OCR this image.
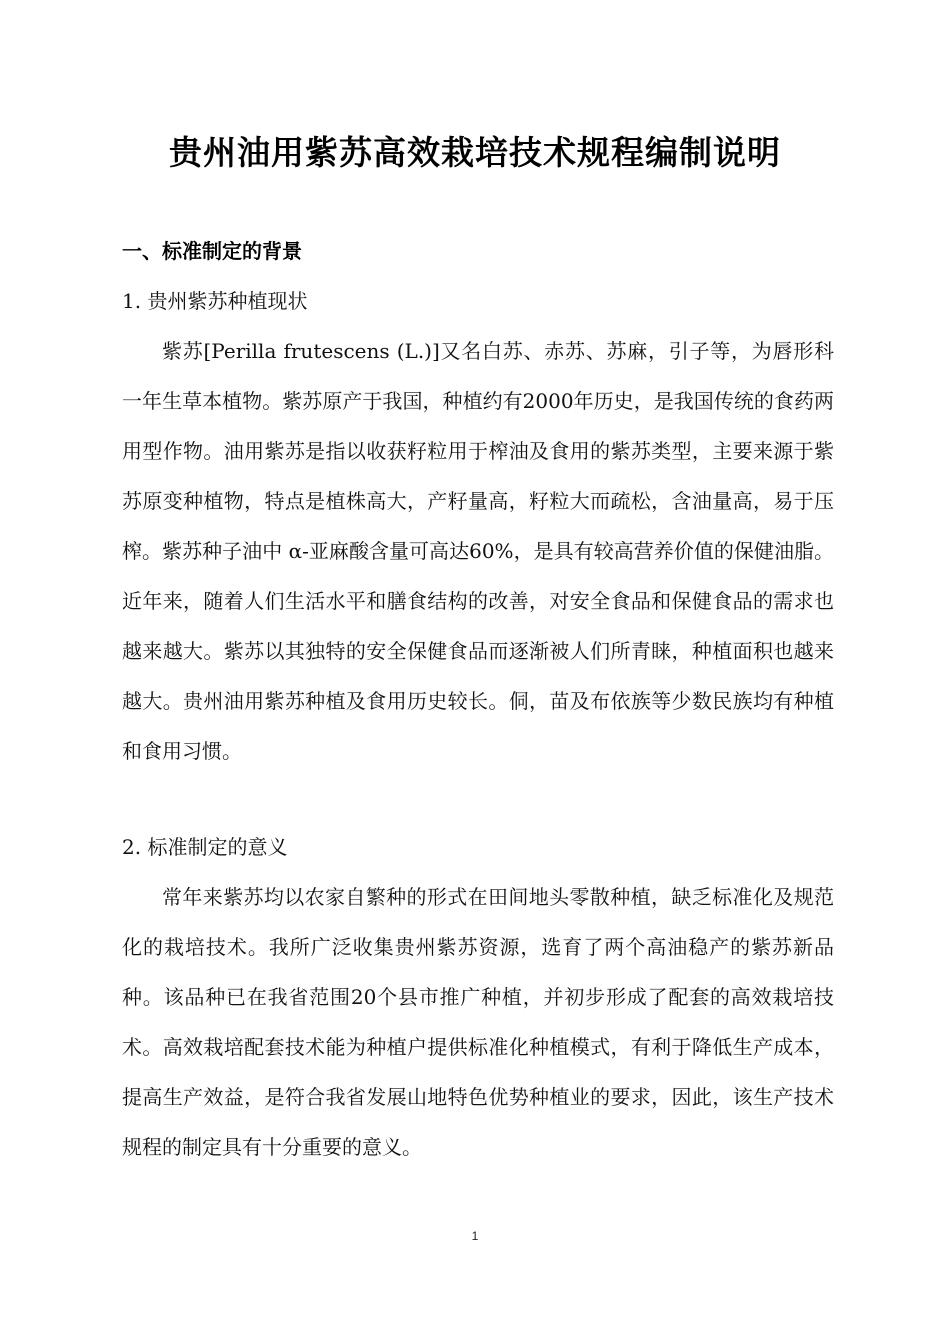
贵州油用紫苏高效栽培技术规程编制说明
一、标准制定的背景
1. 贵州紫苏种植现状

紫苏[Perilla frutescens (L.)]又名白苏、赤苏、苏麻，引子等，为唇形科一年生草本植物。紫苏原产于我国，种植约有2000年历史，是我国传统的食药两用型作物。油用紫苏是指以收获籽粒用于榨油及食用的紫苏类型，主要来源于紫苏原变种植物，特点是植株高大，产籽量高，籽粒大而疏松，含油量高，易于压榨。紫苏种子油中 α-亚麻酸含量可高达60%，是具有较高营养价值的保健油脂。近年来，随着人们生活水平和膳食结构的改善，对安全食品和保健食品的需求也越来越大。紫苏以其独特的安全保健食品而逐渐被人们所青睐，种植面积也越来越大。贵州油用紫苏种植及食用历史较长。侗，苗及布依族等少数民族均有种植和食用习惯。

2. 标准制定的意义

常年来紫苏均以农家自繁种的形式在田间地头零散种植，缺乏标准化及规范化的栽培技术。我所广泛收集贵州紫苏资源，选育了两个高油稳产的紫苏新品种。该品种已在我省范围20个县市推广种植，并初步形成了配套的高效栽培技术。高效栽培配套技术能为种植户提供标准化种植模式，有利于降低生产成本，提高生产效益，是符合我省发展山地特色优势种植业的要求，因此，该生产技术规程的制定具有十分重要的意义。

1
